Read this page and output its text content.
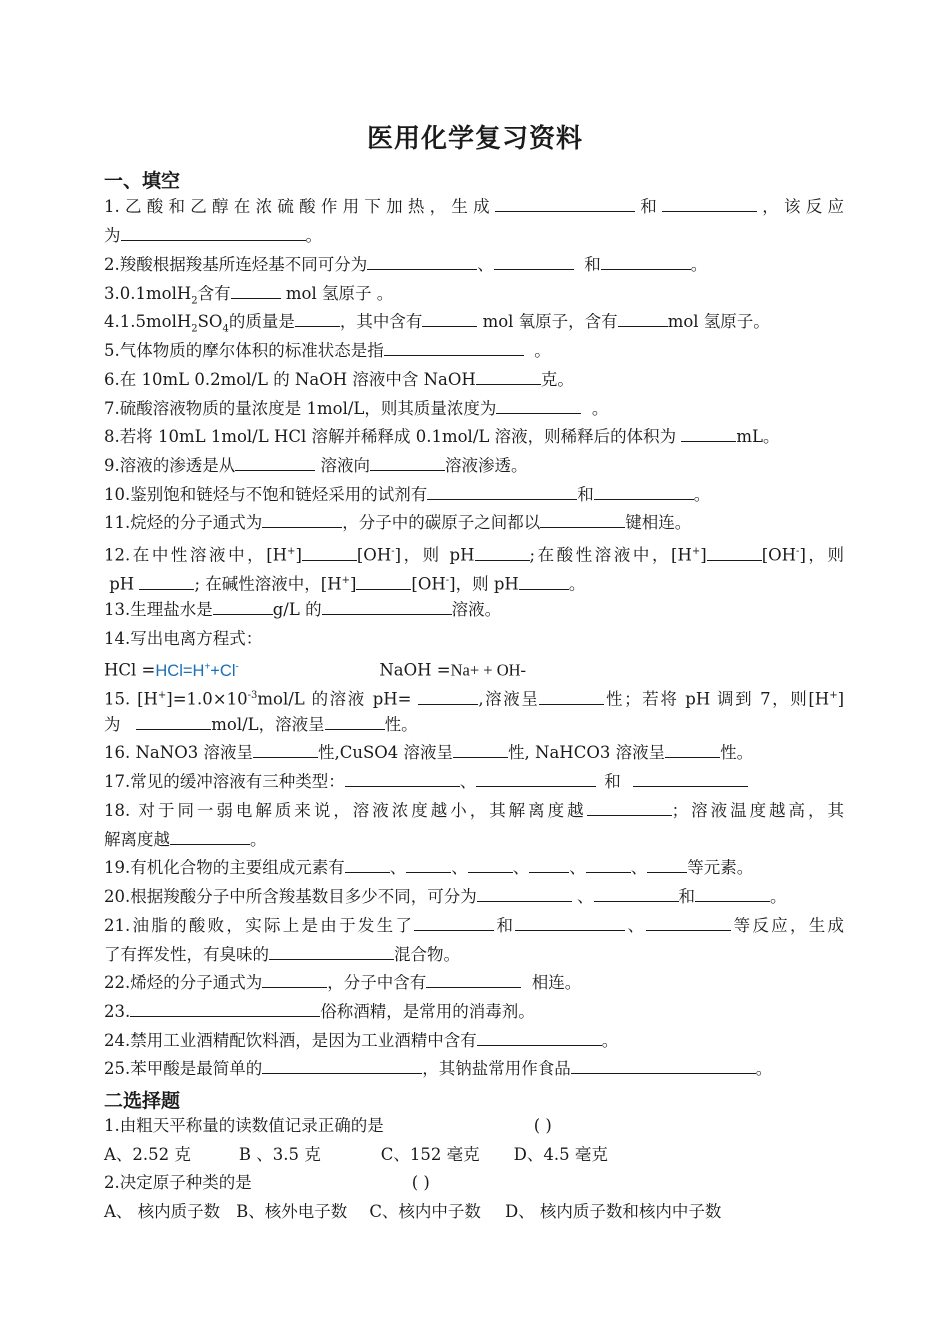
医用化学复习资料
一、填空
1.乙酸和乙醇在浓硫酸作用下加热，生成	和	，该反应
为	。
2.羧酸根据羧基所连烃基不同可分为	、	和	。
3.0.1molH$_2$含有	mol 氢原子 。
$4.1.5molH_2SO_4$的质量是	，其中含有	mol 氧原子，含有	mol 氢原子。
5.气体物质的摩尔体积的标准状态是指	。
6.在 10mL 0.2mol/L 的 NaOH 溶液中含 NaOH	克。
7.硫酸溶液物质的量浓度是 1mol/L，则其质量浓度为	。
8.若将 10mL 1mol/L HCl 溶解并稀释成 0.1mol/L 溶液，则稀释后的体积为	mL。
9.溶液的渗透是从	溶液向	溶液渗透。
10.鉴别饱和链烃与不饱和链烃采用的试剂有	和	。
11.烷烃的分子通式为	，分子中的碳原子之间都以	键相连。
12.在中性溶液中，[H+]	[OH-]，则 pH	;在酸性溶液中，[H+]	[OH-]，则
pH	; 在碱性溶液中，[H+]	[OH-]，则 pH	。
13.生理盐水是	g/L 的	溶液。
14.写出电离方程式：
HCl =HCl=H++Cl-	NaOH =Na+ + OH-
15. $[H^+]=1.0\times 10^{-3}mol/L$ 的溶液 pH=	,溶液呈	性；若将 pH 调到 7，则[H+]
为	mol/L，溶液呈	性。
16. NaNO3 溶液呈	性,CuSO4 溶液呈	性, NaHCO3 溶液呈	性。
17.常见的缓冲溶液有三种类型：	、	和
18. 对于同一弱电解质来说，溶液浓度越小，其解离度越	；溶液温度越高，其
解离度越	。
19.有机化合物的主要组成元素有	、	、	、 、	、 等元素。
20.根据羧酸分子中所含羧基数目多少不同，可分为	、	和	。
21.油脂的酸败，实际上是由于发生了	和	、	等反应，生成
了有挥发性，有臭味的	混合物。
22.烯烃的分子通式为	，分子中含有	相连。
23.	俗称酒精，是常用的消毒剂。
24.禁用工业酒精配饮料酒，是因为工业酒精中含有	。
25.苯甲酸是最简单的	，其钠盐常用作食品	。
二选择题
1.由粗天平称量的读数值记录正确的是	( )
A、2.52 克	B 、3.5 克	C、152 毫克 D、4.5 毫克
2.决定原子种类的是	( )
A、 核内质子数 B、核外电子数 C、核内中子数 D、 核内质子数和核内中子数
